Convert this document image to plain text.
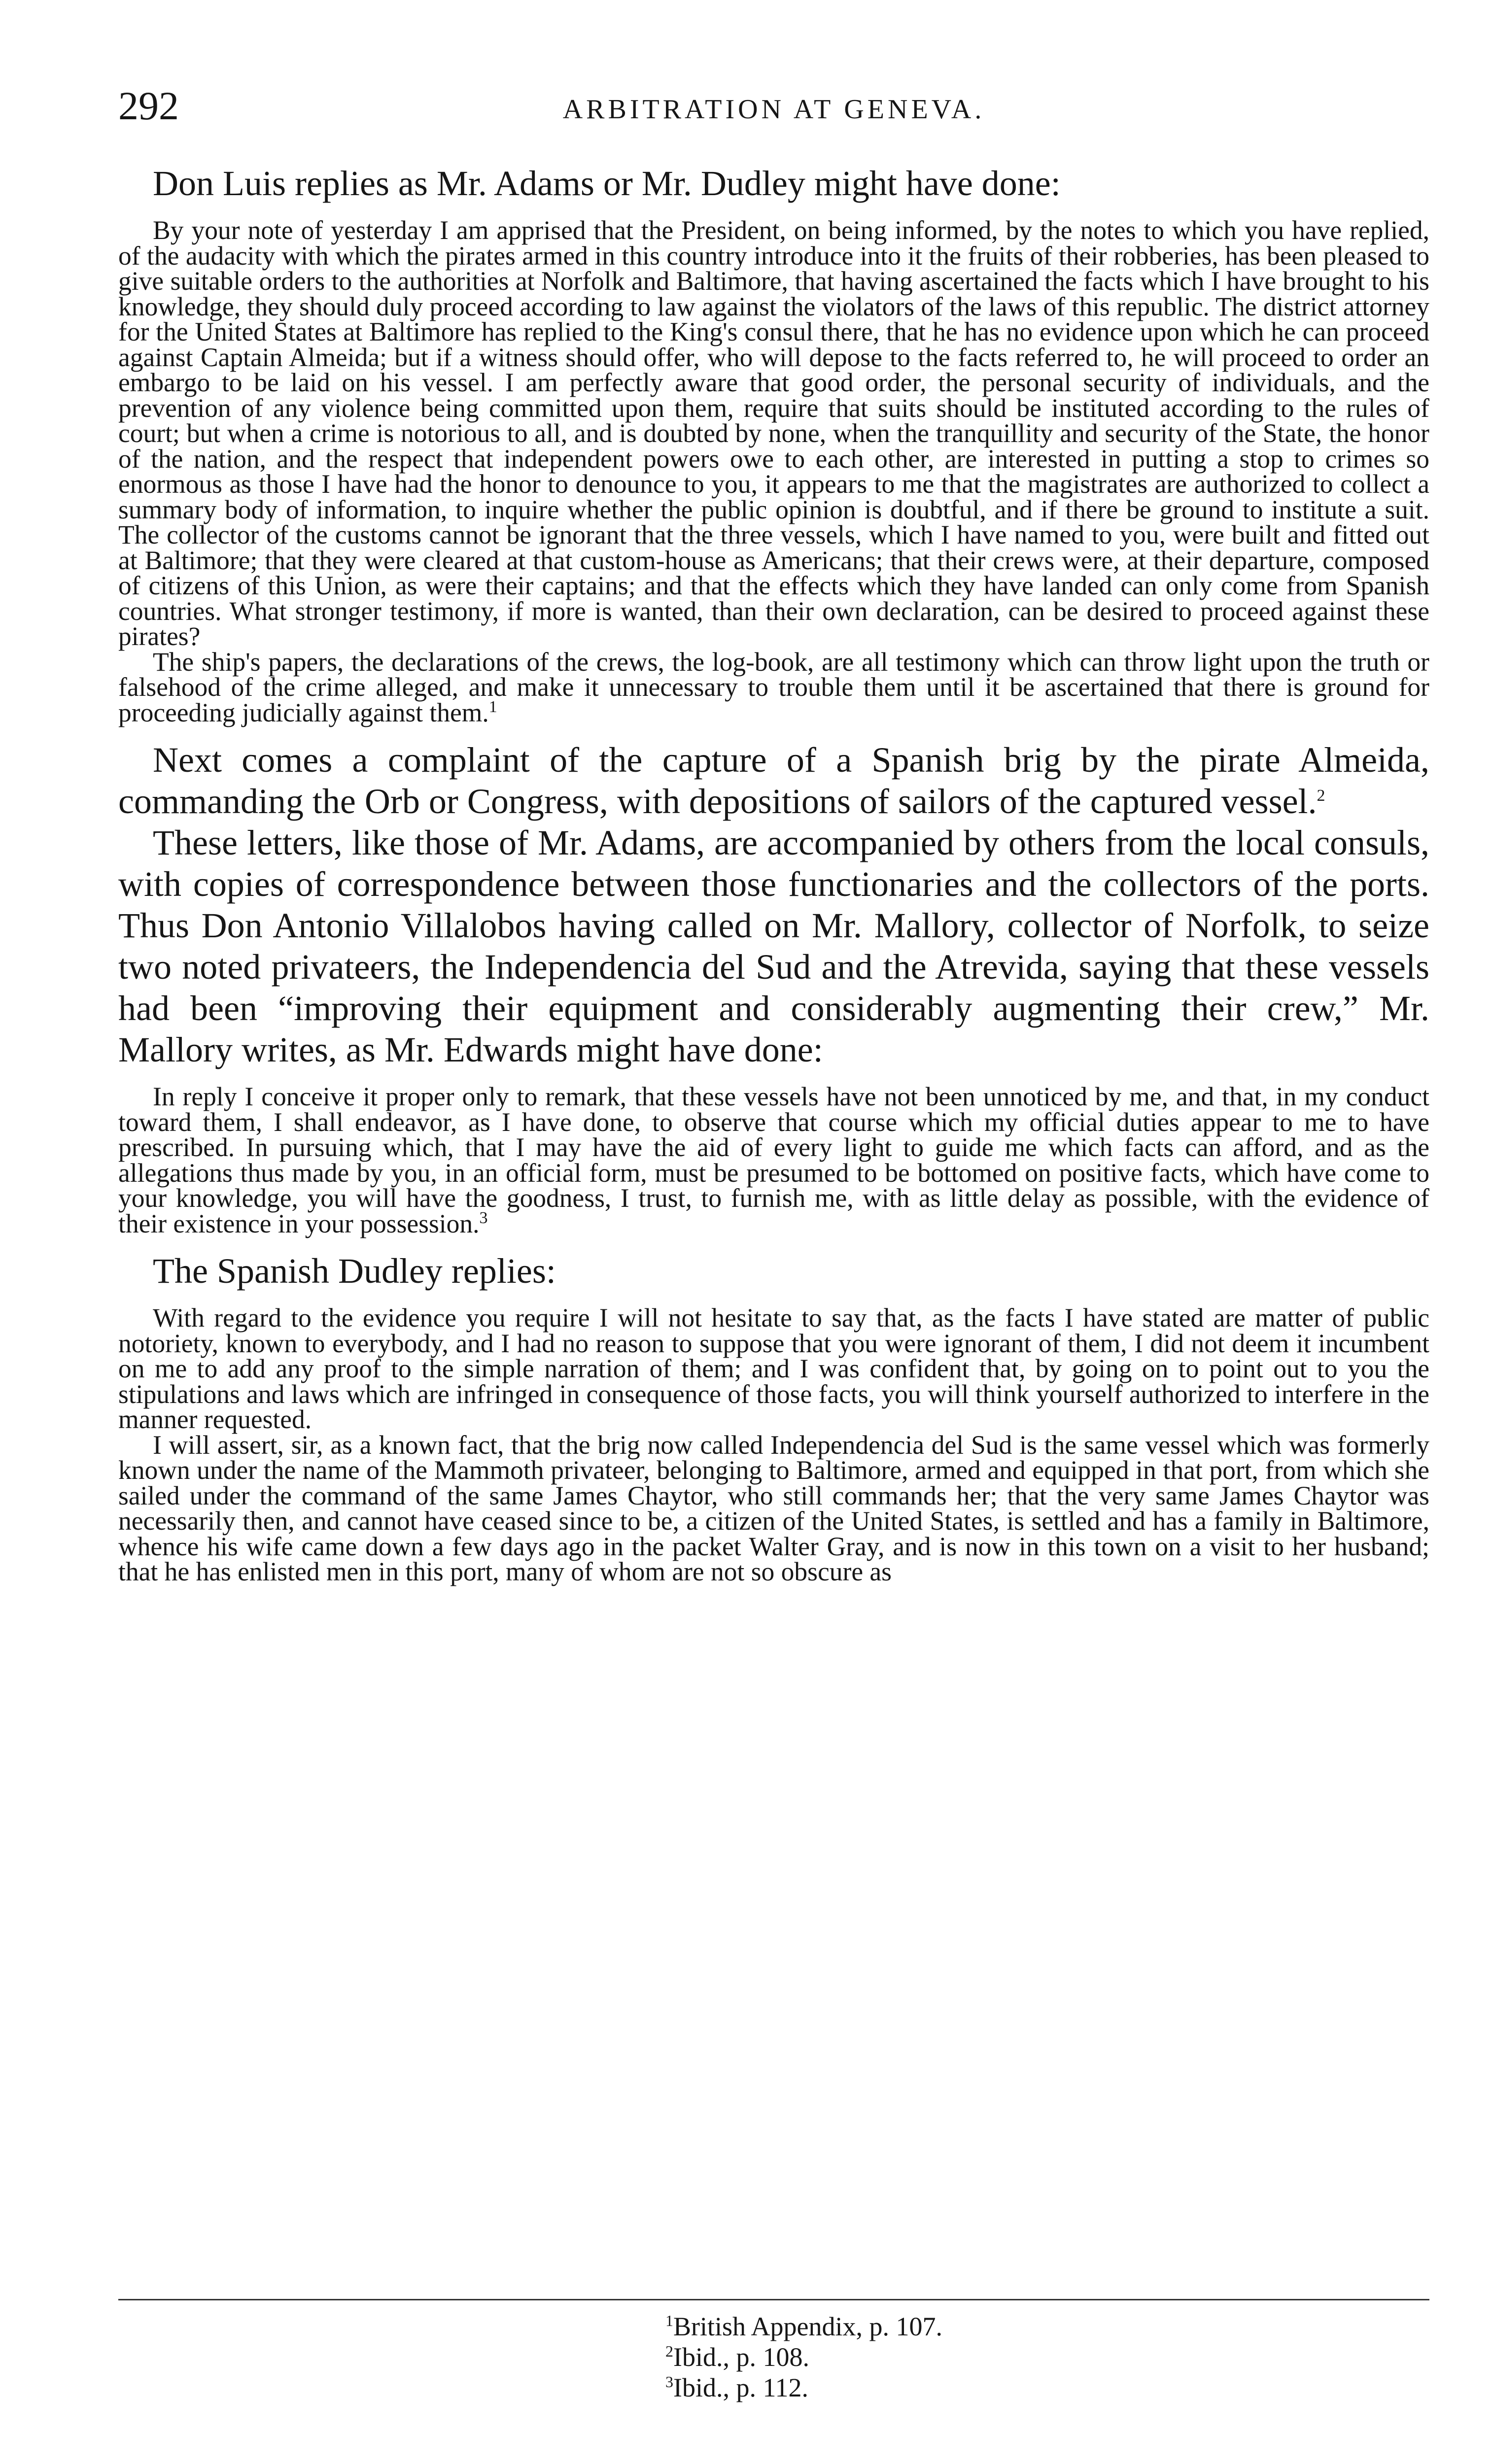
292	ARBITRATION AT GENEVA.

Don Luis replies as Mr. Adams or Mr. Dudley might have done:

By your note of yesterday I am apprised that the President, on being informed, by the notes to which you have replied, of the audacity with which the pirates armed in this country introduce into it the fruits of their robberies, has been pleased to give suitable orders to the authorities at Norfolk and Baltimore, that having ascertained the facts which I have brought to his knowledge, they should duly proceed according to law against the violators of the laws of this republic. The district attorney for the United States at Baltimore has replied to the King's consul there, that he has no evidence upon which he can proceed against Captain Almeida; but if a witness should offer, who will depose to the facts referred to, he will proceed to order an embargo to be laid on his vessel. I am perfectly aware that good order, the personal security of individuals, and the prevention of any violence being committed upon them, require that suits should be instituted according to the rules of court; but when a crime is notorious to all, and is doubted by none, when the tranquillity and security of the State, the honor of the nation, and the respect that independent powers owe to each other, are interested in putting a stop to crimes so enormous as those I have had the honor to denounce to you, it appears to me that the magistrates are authorized to collect a summary body of information, to inquire whether the public opinion is doubtful, and if there be ground to institute a suit. The collector of the customs cannot be ignorant that the three vessels, which I have named to you, were built and fitted out at Baltimore; that they were cleared at that custom-house as Americans; that their crews were, at their departure, composed of citizens of this Union, as were their captains; and that the effects which they have landed can only come from Spanish countries. What stronger testimony, if more is wanted, than their own declaration, can be desired to proceed against these pirates?

The ship's papers, the declarations of the crews, the log-book, are all testimony which can throw light upon the truth or falsehood of the crime alleged, and make it unnecessary to trouble them until it be ascertained that there is ground for proceeding judicially against them.$^1$

Next comes a complaint of the capture of a Spanish brig by the pirate Almeida, commanding the Orb or Congress, with depositions of sailors of the captured vessel.$^2$

These letters, like those of Mr. Adams, are accompanied by others from the local consuls, with copies of correspondence between those functionaries and the collectors of the ports. Thus Don Antonio Villalobos having called on Mr. Mallory, collector of Norfolk, to seize two noted privateers, the Independencia del Sud and the Atrevida, saying that these vessels had been “improving their equipment and considerably augmenting their crew,” Mr. Mallory writes, as Mr. Edwards might have done:

In reply I conceive it proper only to remark, that these vessels have not been unnoticed by me, and that, in my conduct toward them, I shall endeavor, as I have done, to observe that course which my official duties appear to me to have prescribed. In pursuing which, that I may have the aid of every light to guide me which facts can afford, and as the allegations thus made by you, in an official form, must be presumed to be bottomed on positive facts, which have come to your knowledge, you will have the goodness, I trust, to furnish me, with as little delay as possible, with the evidence of their existence in your possession.$^3$

The Spanish Dudley replies:

With regard to the evidence you require I will not hesitate to say that, as the facts I have stated are matter of public notoriety, known to everybody, and I had no reason to suppose that you were ignorant of them, I did not deem it incumbent on me to add any proof to the simple narration of them; and I was confident that, by going on to point out to you the stipulations and laws which are infringed in consequence of those facts, you will think yourself authorized to interfere in the manner requested.

I will assert, sir, as a known fact, that the brig now called Independencia del Sud is the same vessel which was formerly known under the name of the Mammoth privateer, belonging to Baltimore, armed and equipped in that port, from which she sailed under the command of the same James Chaytor, who still commands her; that the very same James Chaytor was necessarily then, and cannot have ceased since to be, a citizen of the United States, is settled and has a family in Baltimore, whence his wife came down a few days ago in the packet Walter Gray, and is now in this town on a visit to her husband; that he has enlisted men in this port, many of whom are not so obscure as

$^1$British Appendix, p. 107.
$^2$Ibid., p. 108.
$^3$Ibid., p. 112.
